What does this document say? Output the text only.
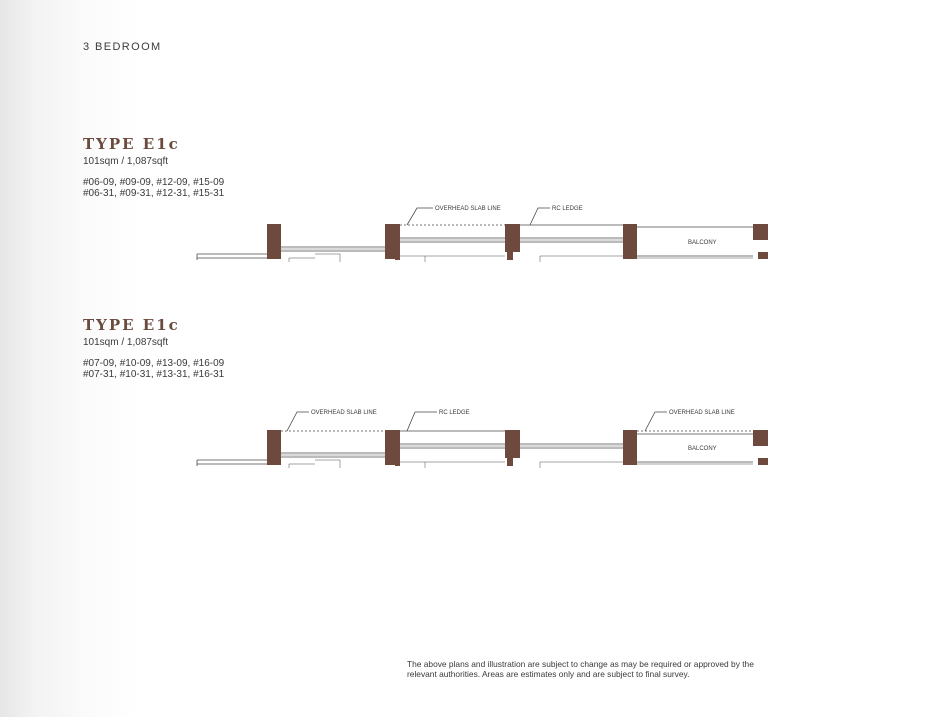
3 BEDROOM
TYPE E1c
101sqm / 1,087sqft
#06-09, #09-09, #12-09, #15-09
#06-31, #09-31, #12-31, #15-31
OVERHEAD SLAB LINE	RC LEDGE
BALCONY
TYPE E1c
101sqm / 1,087sqft
#07-09, #10-09, #13-09, #16-09
#07-31, #10-31, #13-31, #16-31
OVERHEAD SLAB LINE	RC LEDGE	OVERHEAD SLAB LINE
BALCONY
The above plans and illustration are subject to change as may be required or approved by the
relevant authorities. Areas are estimates only and are subject to final survey.
